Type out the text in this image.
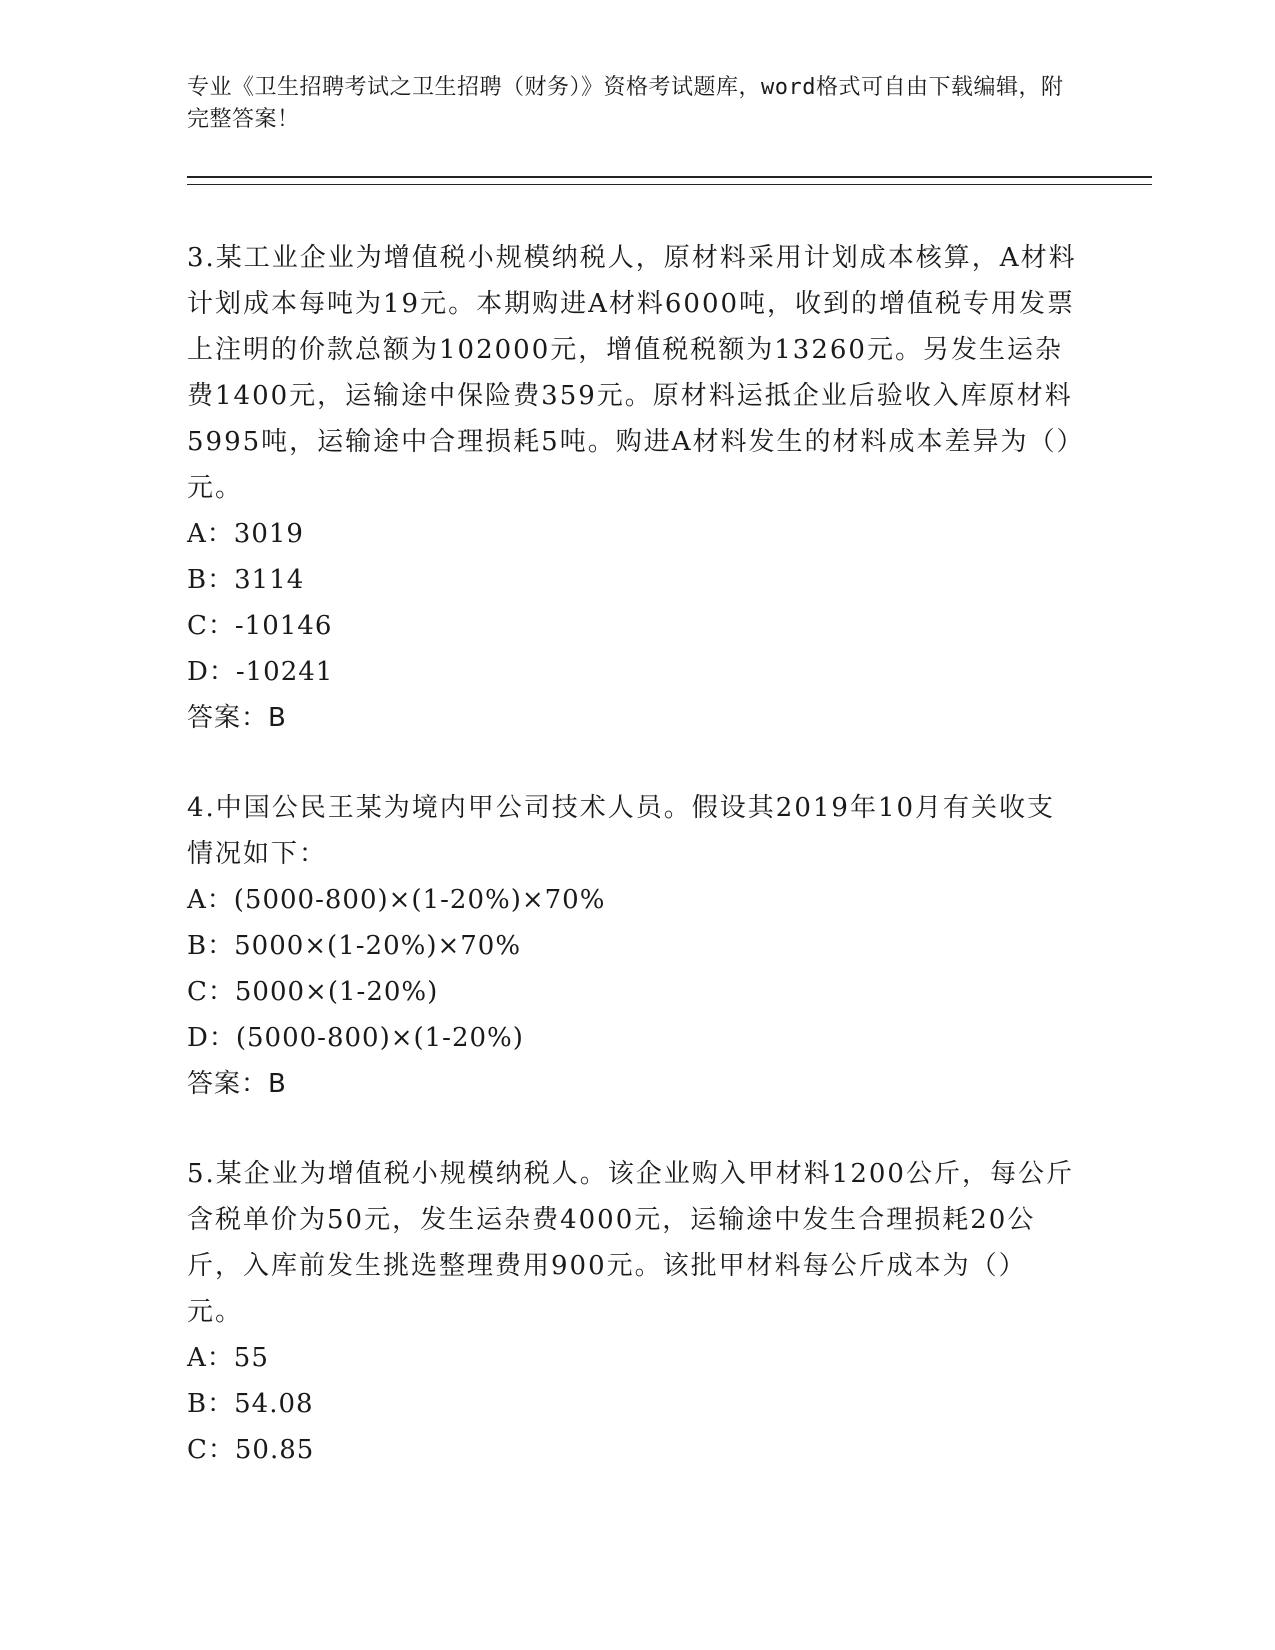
专业《卫生招聘考试之卫生招聘（财务）》资格考试题库，word格式可自由下载编辑，附完整答案！
3.某工业企业为增值税小规模纳税人，原材料采用计划成本核算，A材料计划成本每吨为19元。本期购进A材料6000吨，收到的增值税专用发票上注明的价款总额为102000元，增值税税额为13260元。另发生运杂费1400元，运输途中保险费359元。原材料运抵企业后验收入库原材料5995吨，运输途中合理损耗5吨。购进A材料发生的材料成本差异为（）元。
A：3019
B：3114
C：-10146
D：-10241
答案：B
4.中国公民王某为境内甲公司技术人员。假设其2019年10月有关收支情况如下：
A：(5000-800)×(1-20%)×70%
B：5000×(1-20%)×70%
C：5000×(1-20%)
D：(5000-800)×(1-20%)
答案：B
5.某企业为增值税小规模纳税人。该企业购入甲材料1200公斤，每公斤含税单价为50元，发生运杂费4000元，运输途中发生合理损耗20公斤，入库前发生挑选整理费用900元。该批甲材料每公斤成本为（）元。
A：55
B：54.08
C：50.85
